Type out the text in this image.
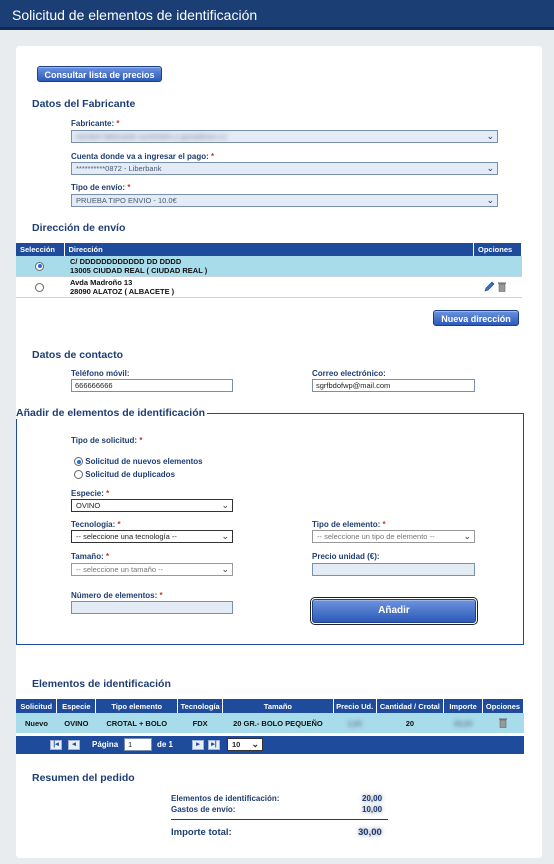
Solicitud de elementos de identificación
Consultar lista de precios
Datos del Fabricante
Fabricante: *
nombre fabricante suministro y ganaderos s.l.	⌄
Cuenta donde va a ingresar el pago: *
**********0872 - Liberbank	⌄
Tipo de envío: *
PRUEBA TIPO ENVIO - 10.0€	⌄
Dirección de envío
Selección	Dirección	Opciones

	C/ DDDDDDDDDDDD DD DDDD
13005 CIUDAD REAL ( CIUDAD REAL )	

	Avda Madroño 13
28090 ALATOZ ( ALBACETE )

Nueva dirección
Datos de contacto
Teléfono móvil:
666666666
Correo electrónico:
sgrfbdofwp@mail.com
Añadir de elementos de identificación
Tipo de solicitud: *
Solicitud de nuevos elementos
Solicitud de duplicados
Especie: *
OVINO	⌄
Tecnología: *
-- seleccione una tecnología --	⌄
Tipo de elemento: *
-- seleccione un tipo de elemento --	⌄
Tamaño: *
-- seleccione un tamaño --	⌄
Precio unidad (€):
Número de elementos: *
Añadir
Elementos de identificación
Solicitud	Especie	Tipo elemento	Tecnología	Tamaño	Precio Ud.	Cantidad / Crotal	Importe	Opciones
Nuevo	OVINO	CROTAL + BOLO	FDX	20 GR.- BOLO PEQUEÑO	1,00	20	00,00	
|◂	◂	Página	1	de 1	▸	▸|	10 ⌄
Resumen del pedido
Elementos de identificación:	20,00
Gastos de envío:	10,00
Importe total:	30,00
